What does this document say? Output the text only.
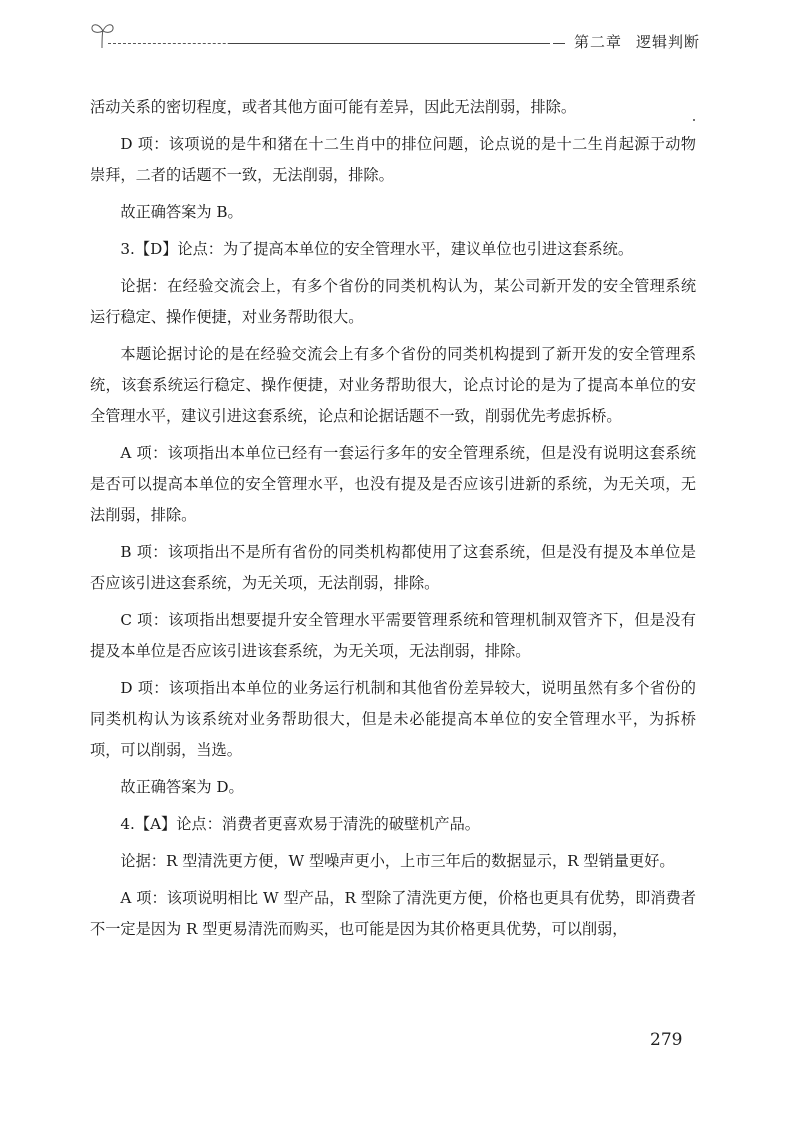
第二章 逻辑判断

活动关系的密切程度，或者其他方面可能有差异，因此无法削弱，排除。

D 项：该项说的是牛和猪在十二生肖中的排位问题，论点说的是十二生肖起源于动物崇拜，二者的话题不一致，无法削弱，排除。

故正确答案为 B。

3.【D】论点：为了提高本单位的安全管理水平，建议单位也引进这套系统。

论据：在经验交流会上，有多个省份的同类机构认为，某公司新开发的安全管理系统运行稳定、操作便捷，对业务帮助很大。

本题论据讨论的是在经验交流会上有多个省份的同类机构提到了新开发的安全管理系统，该套系统运行稳定、操作便捷，对业务帮助很大，论点讨论的是为了提高本单位的安全管理水平，建议引进这套系统，论点和论据话题不一致，削弱优先考虑拆桥。

A 项：该项指出本单位已经有一套运行多年的安全管理系统，但是没有说明这套系统是否可以提高本单位的安全管理水平，也没有提及是否应该引进新的系统，为无关项，无法削弱，排除。

B 项：该项指出不是所有省份的同类机构都使用了这套系统，但是没有提及本单位是否应该引进这套系统，为无关项，无法削弱，排除。

C 项：该项指出想要提升安全管理水平需要管理系统和管理机制双管齐下，但是没有提及本单位是否应该引进该套系统，为无关项，无法削弱，排除。

D 项：该项指出本单位的业务运行机制和其他省份差异较大，说明虽然有多个省份的同类机构认为该系统对业务帮助很大，但是未必能提高本单位的安全管理水平，为拆桥项，可以削弱，当选。

故正确答案为 D。

4.【A】论点：消费者更喜欢易于清洗的破壁机产品。

论据：R 型清洗更方便，W 型噪声更小，上市三年后的数据显示，R 型销量更好。

A 项：该项说明相比 W 型产品，R 型除了清洗更方便，价格也更具有优势，即消费者不一定是因为 R 型更易清洗而购买，也可能是因为其价格更具优势，可以削弱，

279
